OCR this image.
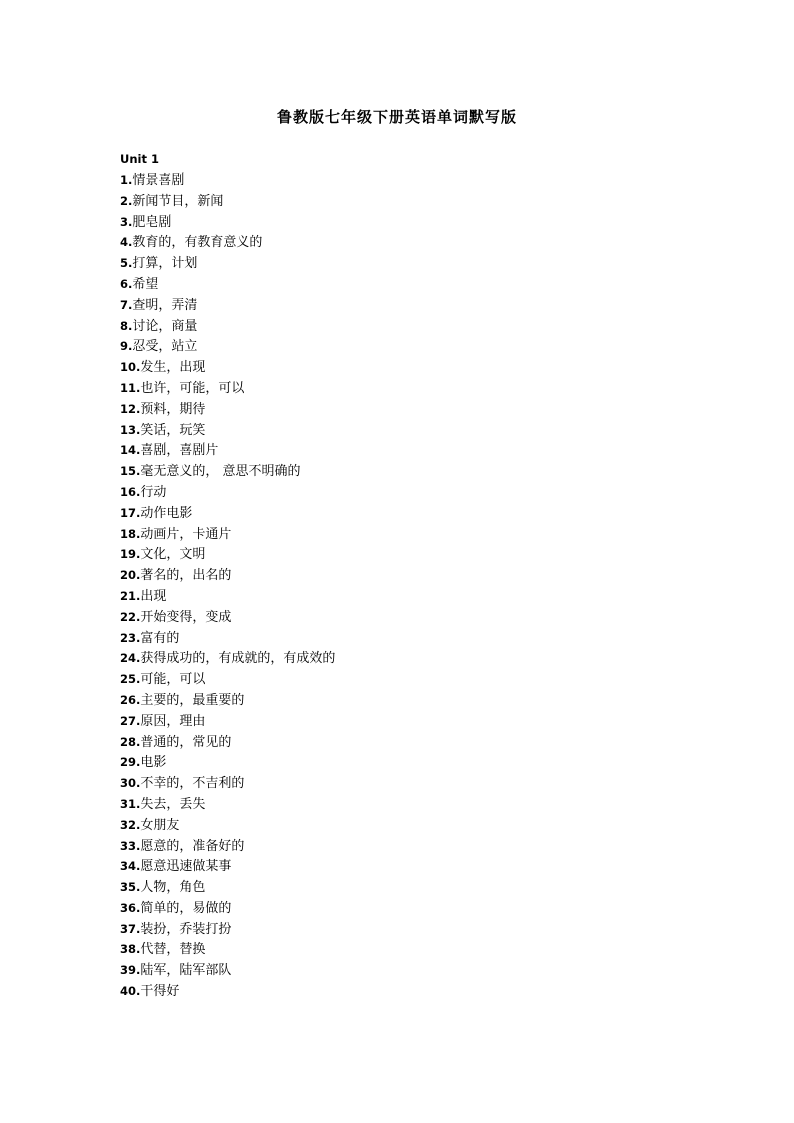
鲁教版七年级下册英语单词默写版
Unit 1
1.情景喜剧
2.新闻节目，新闻
3.肥皂剧
4.教育的，有教育意义的
5.打算，计划
6.希望
7.查明，弄清
8.讨论，商量
9.忍受，站立
10.发生，出现
11.也许，可能，可以
12.预料，期待
13.笑话，玩笑
14.喜剧，喜剧片
15.毫无意义的， 意思不明确的
16.行动
17.动作电影
18.动画片，卡通片
19.文化，文明
20.著名的，出名的
21.出现
22.开始变得，变成
23.富有的
24.获得成功的，有成就的，有成效的
25.可能，可以
26.主要的，最重要的
27.原因，理由
28.普通的，常见的
29.电影
30.不幸的，不吉利的
31.失去，丢失
32.女朋友
33.愿意的，准备好的
34.愿意迅速做某事
35.人物，角色
36.简单的，易做的
37.装扮，乔装打扮
38.代替，替换
39.陆军，陆军部队
40.干得好
